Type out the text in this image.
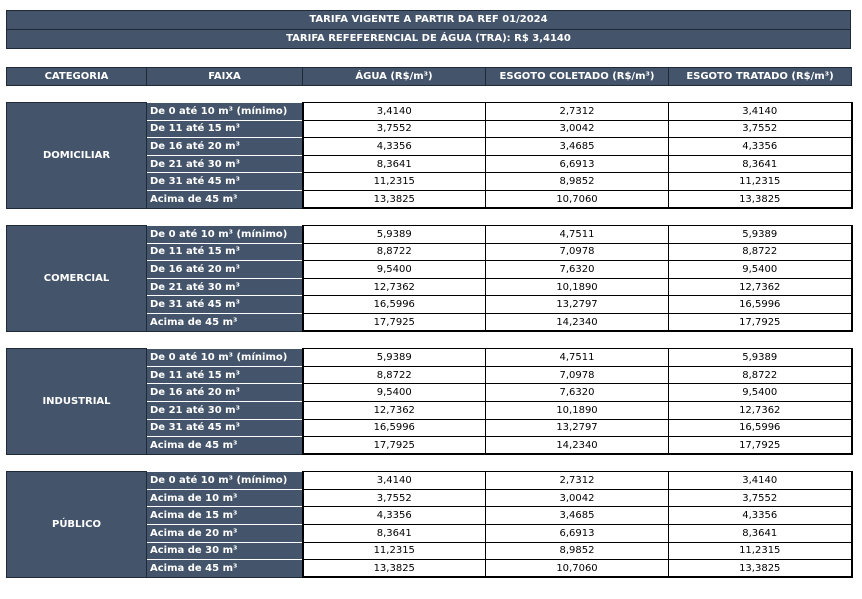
TARIFA VIGENTE A PARTIR DA REF 01/2024
TARIFA REFEFERENCIAL DE ÁGUA (TRA): R$ 3,4140
CATEGORIA	FAIXA	ÁGUA (R$/m³)	ESGOTO COLETADO (R$/m³)	ESGOTO TRATADO (R$/m³)
DOMICILIAR	De 0 até 10 m³ (mínimo)	3,4140	2,7312	3,4140
	De 11 até 15 m³	3,7552	3,0042	3,7552
	De 16 até 20 m³	4,3356	3,4685	4,3356
	De 21 até 30 m³	8,3641	6,6913	8,3641
	De 31 até 45 m³	11,2315	8,9852	11,2315
	Acima de 45 m³	13,3825	10,7060	13,3825
COMERCIAL	De 0 até 10 m³ (mínimo)	5,9389	4,7511	5,9389
	De 11 até 15 m³	8,8722	7,0978	8,8722
	De 16 até 20 m³	9,5400	7,6320	9,5400
	De 21 até 30 m³	12,7362	10,1890	12,7362
	De 31 até 45 m³	16,5996	13,2797	16,5996
	Acima de 45 m³	17,7925	14,2340	17,7925
INDUSTRIAL	De 0 até 10 m³ (mínimo)	5,9389	4,7511	5,9389
	De 11 até 15 m³	8,8722	7,0978	8,8722
	De 16 até 20 m³	9,5400	7,6320	9,5400
	De 21 até 30 m³	12,7362	10,1890	12,7362
	De 31 até 45 m³	16,5996	13,2797	16,5996
	Acima de 45 m³	17,7925	14,2340	17,7925
PÚBLICO	De 0 até 10 m³ (mínimo)	3,4140	2,7312	3,4140
	Acima de 10 m³	3,7552	3,0042	3,7552
	Acima de 15 m³	4,3356	3,4685	4,3356
	Acima de 20 m³	8,3641	6,6913	8,3641
	Acima de 30 m³	11,2315	8,9852	11,2315
	Acima de 45 m³	13,3825	10,7060	13,3825
